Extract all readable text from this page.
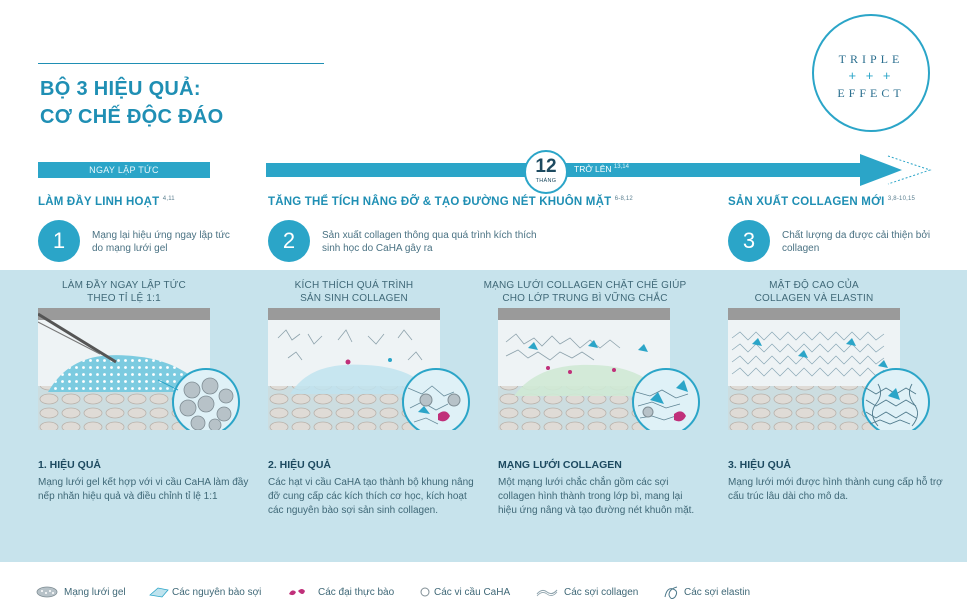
BỘ 3 HIỆU QUẢ:
CƠ CHẾ ĐỘC ĐÁO
TRIPLE
+ + +
EFFECT
NGAY LẬP TỨC	12
THÁNG
TRỞ LÊN $^{13,14}$
LÀM ĐẦY LINH HOẠT $^{4,11}$	TĂNG THỂ TÍCH NÂNG ĐỠ & TẠO ĐƯỜNG NÉT KHUÔN MẶT $^{6-8,12}$	SẢN XUẤT COLLAGEN MỚI $^{3,8-10,15}$
1	Mạng lại hiệu ứng ngay lập tức do mạng lưới gel	2	Sản xuất collagen thông qua quá trình kích thích sinh học do CaHA gây ra	3	Chất lượng da được cải thiện bởi collagen
LÀM ĐẦY NGAY LẬP TỨC
THEO TỈ LỆ 1:1
KÍCH THÍCH QUÁ TRÌNH
SẢN SINH COLLAGEN
MẠNG LƯỚI COLLAGEN CHẶT CHẼ GIÚP
CHO LỚP TRUNG BÌ VỮNG CHẮC
MẬT ĐỘ CAO CỦA
COLLAGEN VÀ ELASTIN
1. HIỆU QUẢ
Mạng lưới gel kết hợp với vi cầu CaHA làm đầy nếp nhăn hiệu quả và điều chỉnh tỉ lệ 1:1
2. HIỆU QUẢ
Các hạt vi cầu CaHA tạo thành bộ khung nâng đỡ cung cấp các kích thích cơ học, kích hoạt các nguyên bào sợi sản sinh collagen.
MẠNG LƯỚI COLLAGEN
Một mạng lưới chắc chắn gồm các sợi collagen hình thành trong lớp bì, mang lại hiệu ứng nâng và tạo đường nét khuôn mặt.
3. HIỆU QUẢ
Mạng lưới mới được hình thành cung cấp hỗ trợ cấu trúc lâu dài cho mô da.
Mạng lưới gel	Các nguyên bào sợi	Các đại thực bào	Các vi cầu CaHA	Các sợi collagen	Các sợi elastin
